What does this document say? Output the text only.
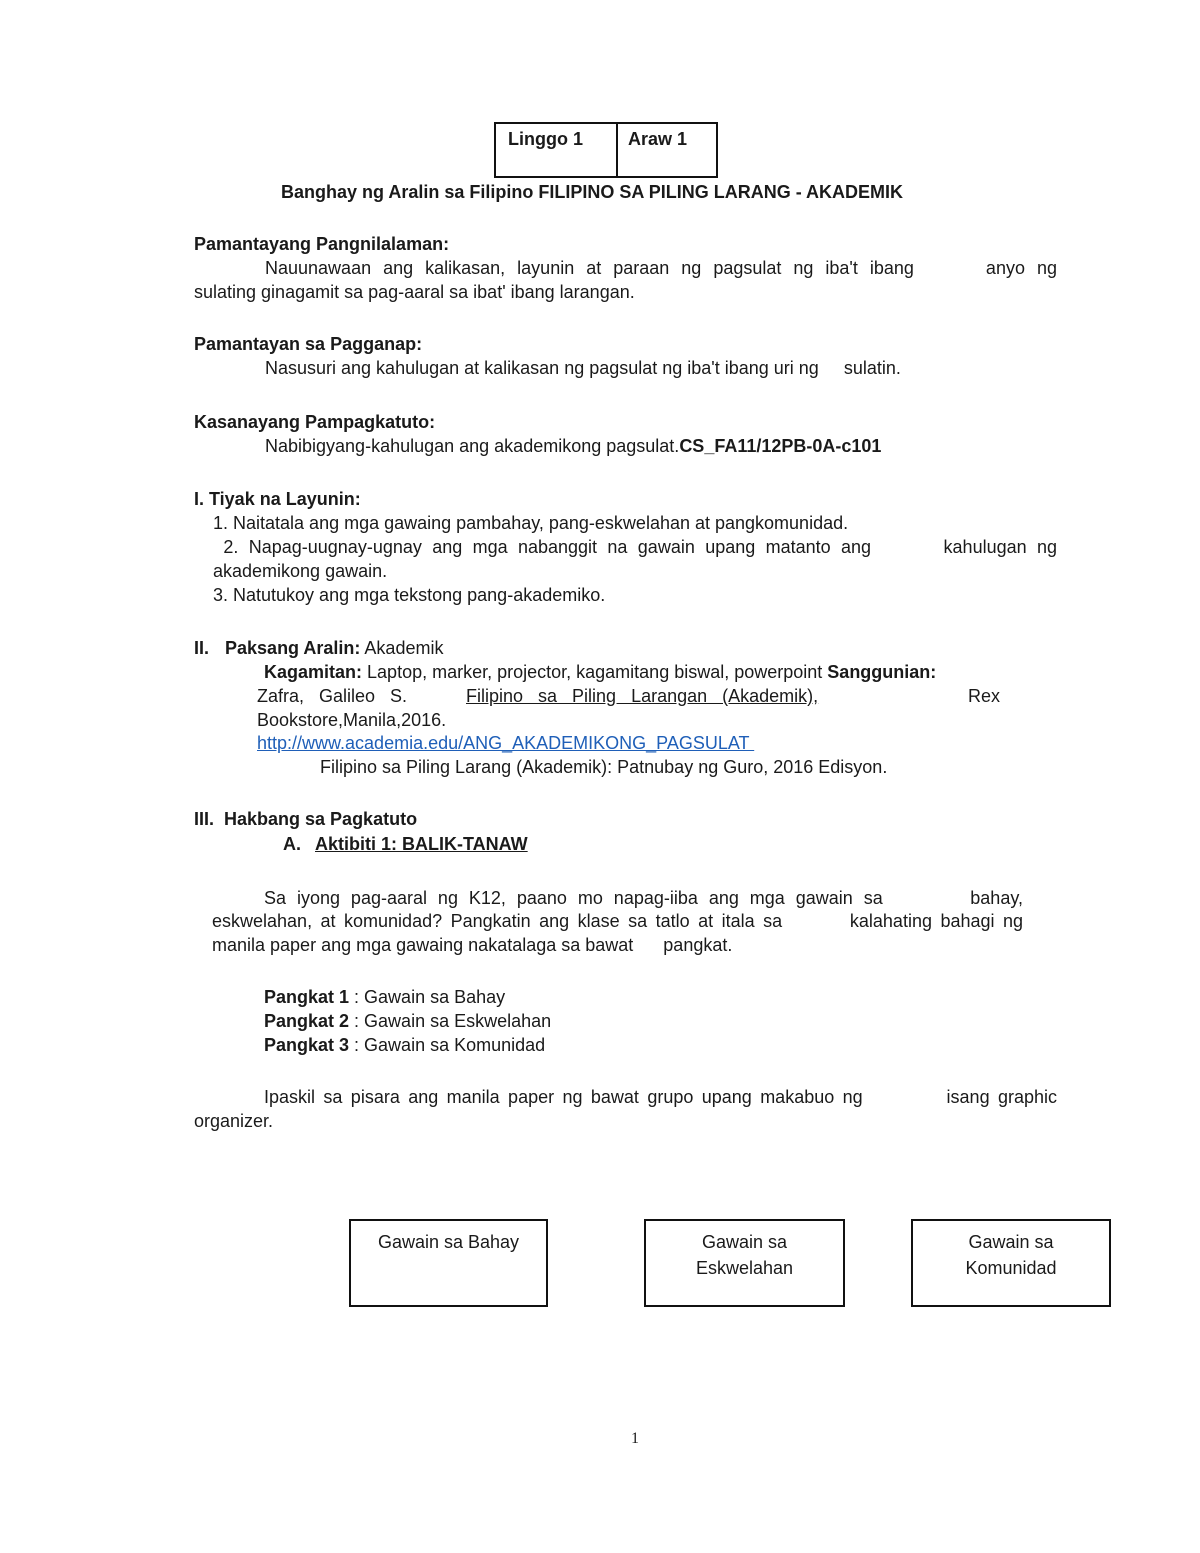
Linggo 1	Araw 1
Banghay ng Aralin sa Filipino FILIPINO SA PILING LARANG - AKADEMIK
Pamantayang Pangnilalaman:
Nauunawaan ang kalikasan, layunin at paraan ng pagsulat ng iba't ibang      anyo ng
sulating ginagamit sa pag-aaral sa ibat' ibang larangan.
Pamantayan sa Pagganap:
Nasusuri ang kahulugan at kalikasan ng pagsulat ng iba't ibang uri ng     sulatin.
Kasanayang Pampagkatuto:
Nabibigyang-kahulugan ang akademikong pagsulat.CS_FA11/12PB-0A-c101
I. Tiyak na Layunin:
1. Naitatala ang mga gawaing pambahay, pang-eskwelahan at pangkomunidad.
2. Napag-uugnay-ugnay ang mga nabanggit na gawain upang matanto ang       kahulugan ng
akademikong gawain.
3. Natutukoy ang mga tekstong pang-akademiko.
II. Paksang Aralin: Akademik
Kagamitan: Laptop, marker, projector, kagamitang biswal, powerpoint Sanggunian:
Zafra,   Galileo   S.	Filipino   sa   Piling   Larangan   (Akademik),	Rex
Bookstore,Manila,2016.
http://www.academia.edu/ANG_AKADEMIKONG_PAGSULAT
Filipino sa Piling Larang (Akademik): Patnubay ng Guro, 2016 Edisyon.
III.  Hakbang sa Pagkatuto
A. Aktibiti 1: BALIK-TANAW
Sa iyong pag-aaral ng K12, paano mo napag-iiba ang mga gawain sa        bahay,
eskwelahan, at komunidad? Pangkatin ang klase sa tatlo at itala sa        kalahating bahagi ng
manila paper ang mga gawaing nakatalaga sa bawat      pangkat.
Pangkat 1 : Gawain sa Bahay
Pangkat 2 : Gawain sa Eskwelahan
Pangkat 3 : Gawain sa Komunidad
Ipaskil sa pisara ang manila paper ng bawat grupo upang makabuo ng          isang graphic
organizer.
Gawain sa Bahay	Gawain sa
Eskwelahan
Gawain sa
Komunidad
1
